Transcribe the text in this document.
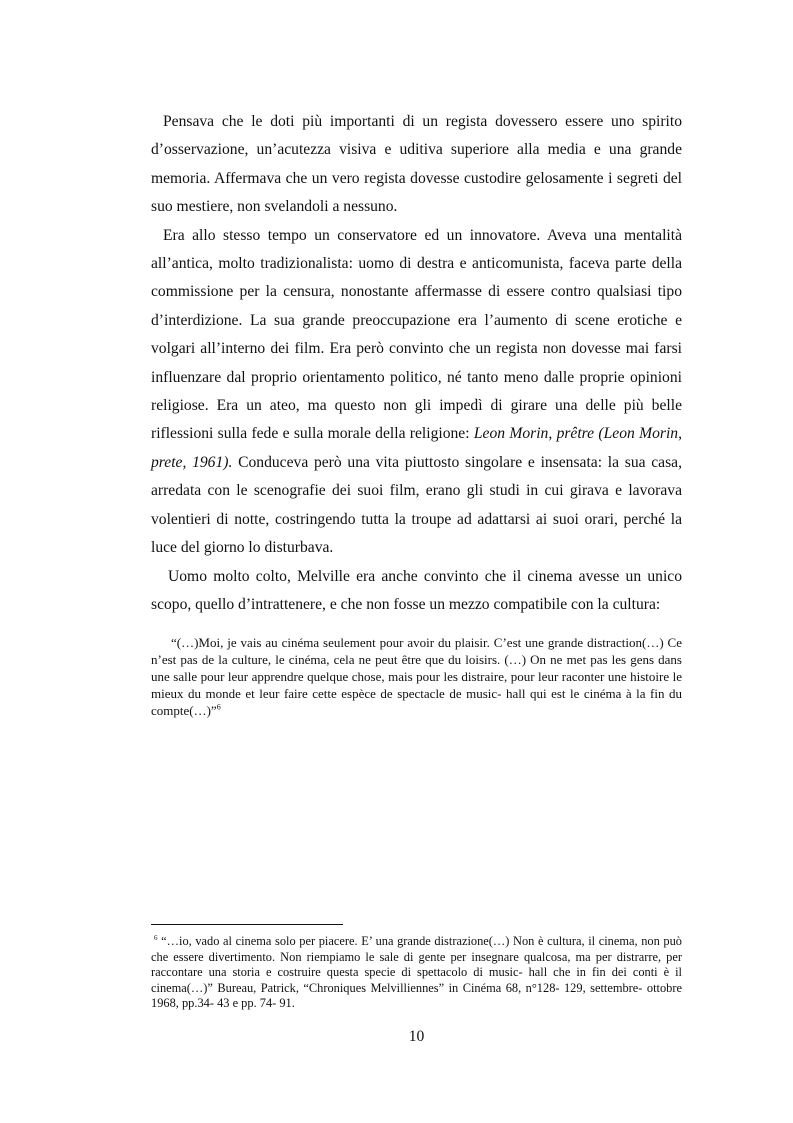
Pensava che le doti più importanti di un regista dovessero essere uno spirito d’osservazione, un’acutezza visiva e uditiva superiore alla media e una grande memoria. Affermava che un vero regista dovesse custodire gelosamente i segreti del suo mestiere, non svelandoli a nessuno.

Era allo stesso tempo un conservatore ed un innovatore. Aveva una mentalità all’antica, molto tradizionalista: uomo di destra e anticomunista, faceva parte della commissione per la censura, nonostante affermasse di essere contro qualsiasi tipo d’interdizione. La sua grande preoccupazione era l’aumento di scene erotiche e volgari all’interno dei film. Era però convinto che un regista non dovesse mai farsi influenzare dal proprio orientamento politico, né tanto meno dalle proprie opinioni religiose. Era un ateo, ma questo non gli impedì di girare una delle più belle riflessioni sulla fede e sulla morale della religione: Leon Morin, prêtre (Leon Morin, prete, 1961). Conduceva però una vita piuttosto singolare e insensata: la sua casa, arredata con le scenografie dei suoi film, erano gli studi in cui girava e lavorava volentieri di notte, costringendo tutta la troupe ad adattarsi ai suoi orari, perché la luce del giorno lo disturbava.

Uomo molto colto, Melville era anche convinto che il cinema avesse un unico scopo, quello d’intrattenere, e che non fosse un mezzo compatibile con la cultura:

“(…)Moi, je vais au cinéma seulement pour avoir du plaisir. C’est une grande distraction(…) Ce n’est pas de la culture, le cinéma, cela ne peut être que du loisirs. (…) On ne met pas les gens dans une salle pour leur apprendre quelque chose, mais pour les distraire, pour leur raconter une histoire le mieux du monde et leur faire cette espèce de spectacle de music- hall qui est le cinéma à la fin du compte(…)”$^6$

$^6$ “…io, vado al cinema solo per piacere. E’ una grande distrazione(…) Non è cultura, il cinema, non può che essere divertimento. Non riempiamo le sale di gente per insegnare qualcosa, ma per distrarre, per raccontare una storia e costruire questa specie di spettacolo di music- hall che in fin dei conti è il cinema(…)” Bureau, Patrick, “Chroniques Melvilliennes” in Cinéma 68, n°128- 129, settembre- ottobre 1968, pp.34- 43 e pp. 74- 91.

10
